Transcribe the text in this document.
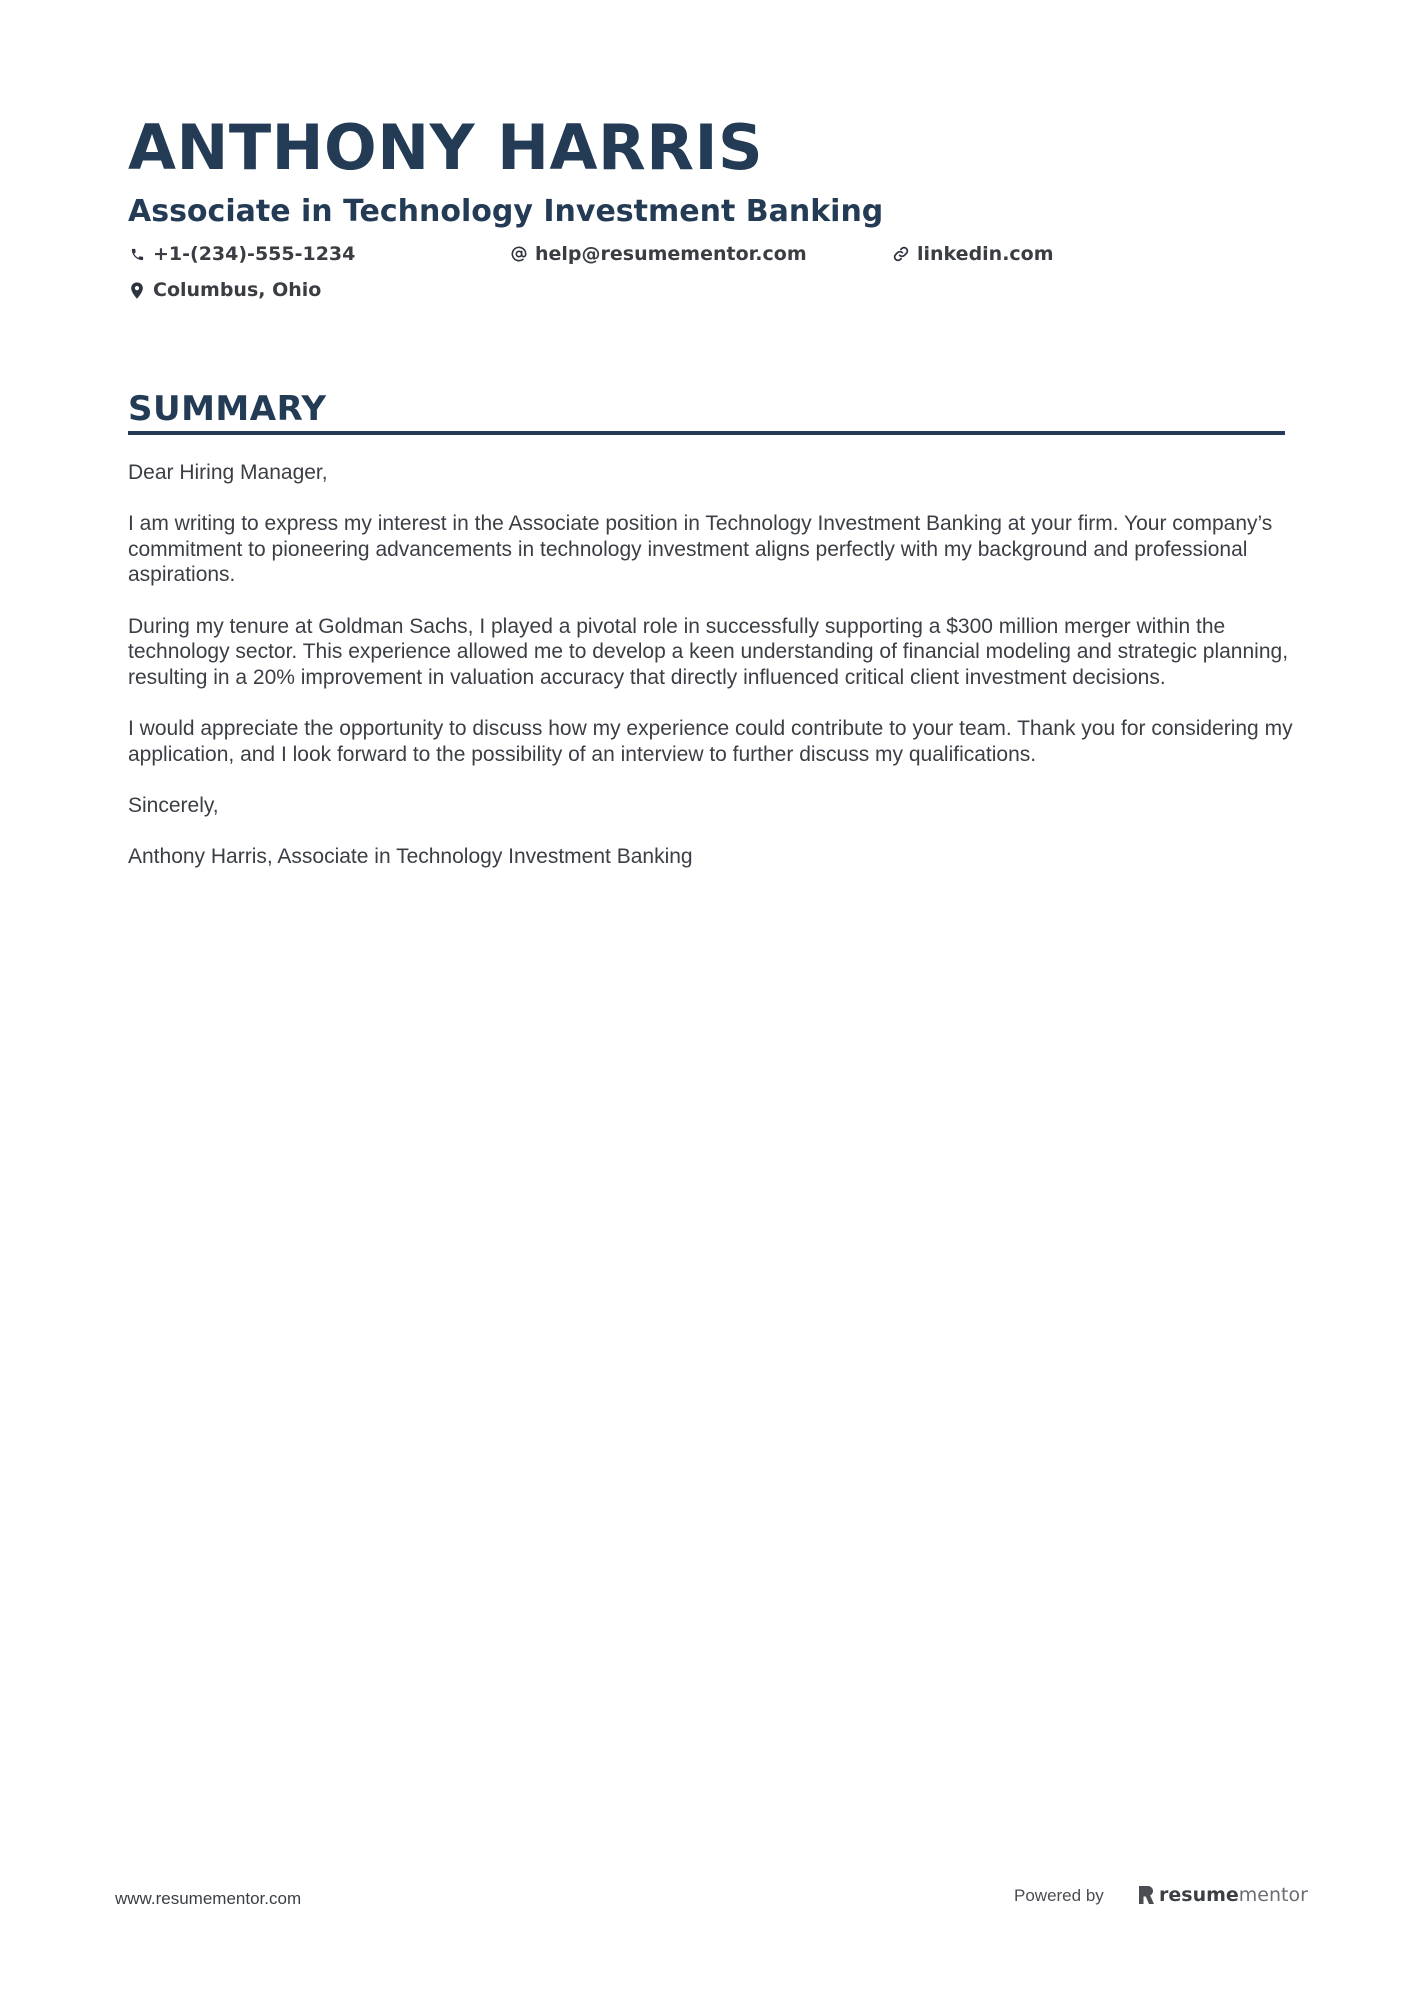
ANTHONY HARRIS
Associate in Technology Investment Banking
+1-(234)-555-1234	help@resumementor.com	linkedin.com
Columbus, Ohio
SUMMARY

Dear Hiring Manager,

I am writing to express my interest in the Associate position in Technology Investment Banking at your firm. Your company’s commitment to pioneering advancements in technology investment aligns perfectly with my background and professional aspirations.

During my tenure at Goldman Sachs, I played a pivotal role in successfully supporting a $300 million merger within the technology sector. This experience allowed me to develop a keen understanding of financial modeling and strategic planning, resulting in a 20% improvement in valuation accuracy that directly influenced critical client investment decisions.

I would appreciate the opportunity to discuss how my experience could contribute to your team. Thank you for considering my application, and I look forward to the possibility of an interview to further discuss my qualifications.

Sincerely,

Anthony Harris, Associate in Technology Investment Banking

www.resumementor.com	Powered by	resumementor
